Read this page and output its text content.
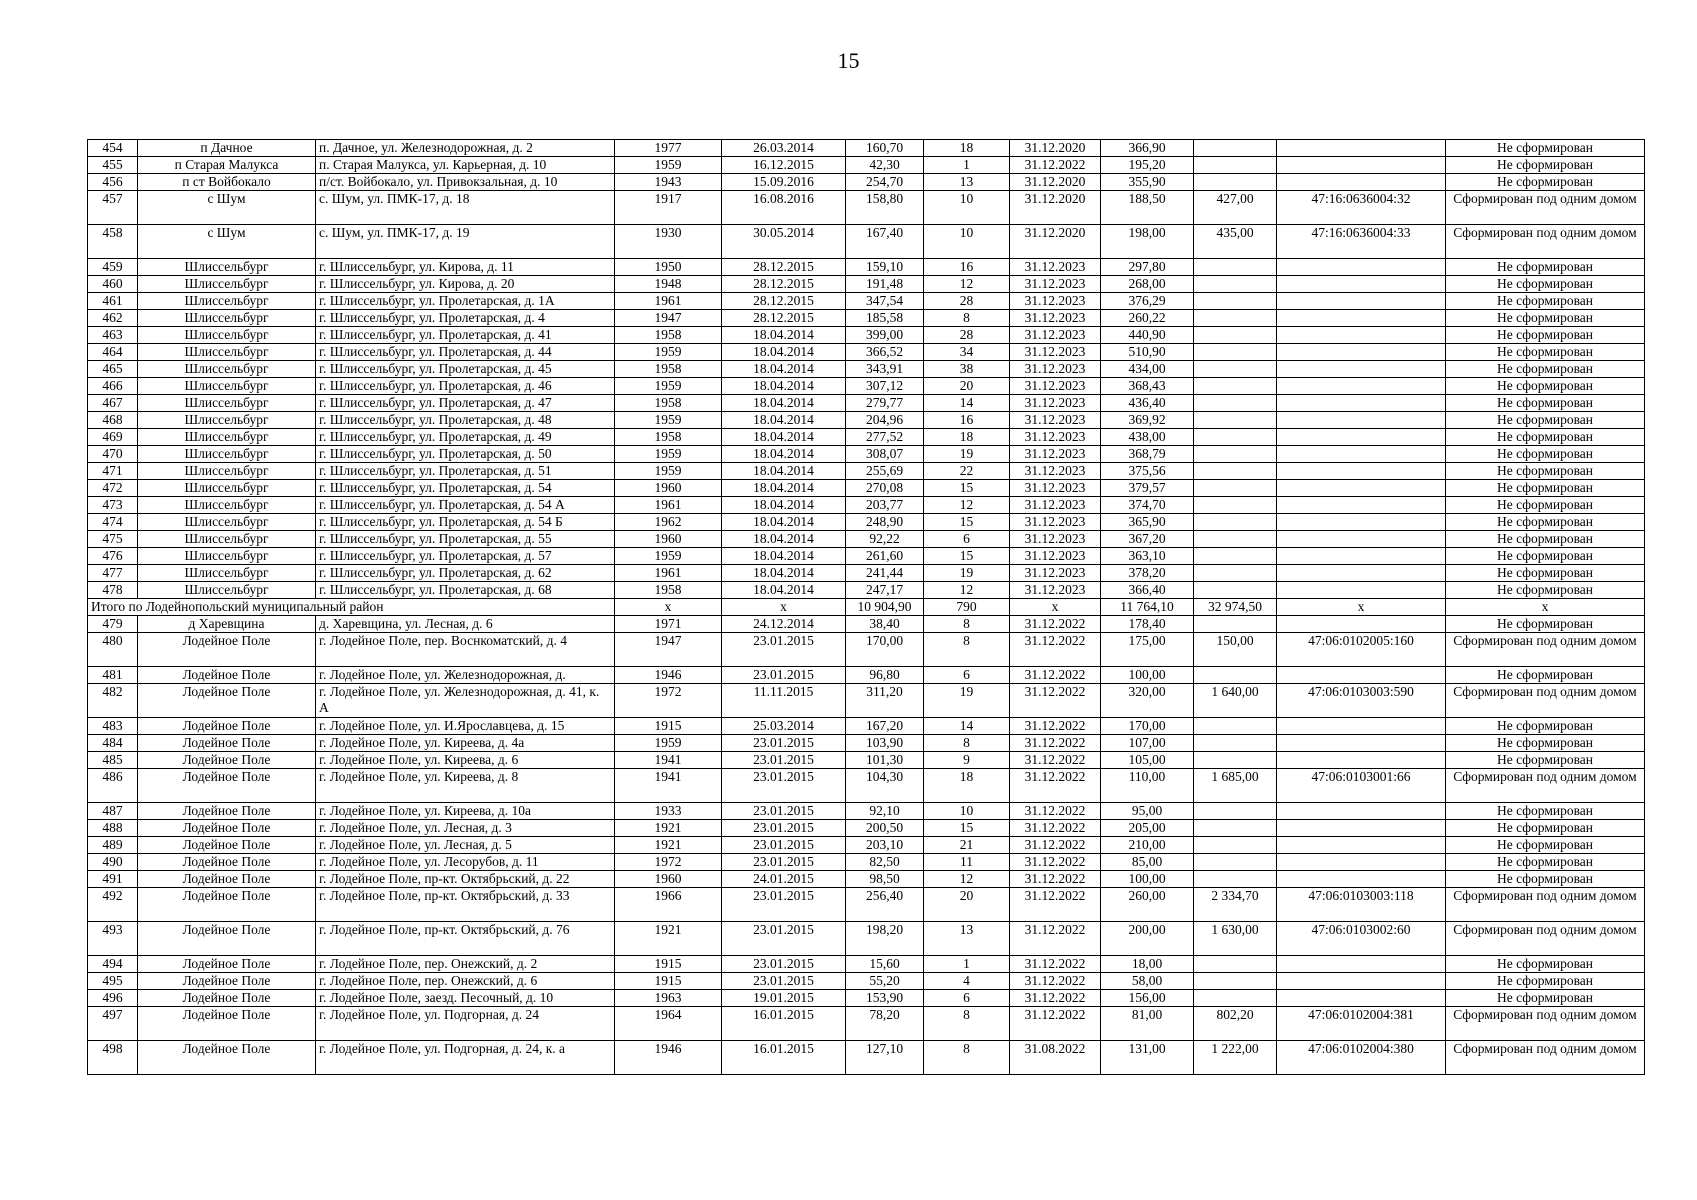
15
454	п Дачное	п. Дачное, ул. Железнодорожная, д. 2	1977	26.03.2014	160,70	18	31.12.2020	366,90			Не сформирован
455	п Старая Малукса	п. Старая Малукса, ул. Карьерная, д. 10	1959	16.12.2015	42,30	1	31.12.2022	195,20			Не сформирован
456	п ст Войбокало	п/ст. Войбокало, ул. Привокзальная, д. 10	1943	15.09.2016	254,70	13	31.12.2020	355,90			Не сформирован
457	с Шум	с. Шум, ул. ПМК-17, д. 18	1917	16.08.2016	158,80	10	31.12.2020	188,50	427,00	47:16:0636004:32	Сформирован под одним домом
458	с Шум	с. Шум, ул. ПМК-17, д. 19	1930	30.05.2014	167,40	10	31.12.2020	198,00	435,00	47:16:0636004:33	Сформирован под одним домом
459	Шлиссельбург	г. Шлиссельбург, ул. Кирова, д. 11	1950	28.12.2015	159,10	16	31.12.2023	297,80			Не сформирован
460	Шлиссельбург	г. Шлиссельбург, ул. Кирова, д. 20	1948	28.12.2015	191,48	12	31.12.2023	268,00			Не сформирован
461	Шлиссельбург	г. Шлиссельбург, ул. Пролетарская, д. 1А	1961	28.12.2015	347,54	28	31.12.2023	376,29			Не сформирован
462	Шлиссельбург	г. Шлиссельбург, ул. Пролетарская, д. 4	1947	28.12.2015	185,58	8	31.12.2023	260,22			Не сформирован
463	Шлиссельбург	г. Шлиссельбург, ул. Пролетарская, д. 41	1958	18.04.2014	399,00	28	31.12.2023	440,90			Не сформирован
464	Шлиссельбург	г. Шлиссельбург, ул. Пролетарская, д. 44	1959	18.04.2014	366,52	34	31.12.2023	510,90			Не сформирован
465	Шлиссельбург	г. Шлиссельбург, ул. Пролетарская, д. 45	1958	18.04.2014	343,91	38	31.12.2023	434,00			Не сформирован
466	Шлиссельбург	г. Шлиссельбург, ул. Пролетарская, д. 46	1959	18.04.2014	307,12	20	31.12.2023	368,43			Не сформирован
467	Шлиссельбург	г. Шлиссельбург, ул. Пролетарская, д. 47	1958	18.04.2014	279,77	14	31.12.2023	436,40			Не сформирован
468	Шлиссельбург	г. Шлиссельбург, ул. Пролетарская, д. 48	1959	18.04.2014	204,96	16	31.12.2023	369,92			Не сформирован
469	Шлиссельбург	г. Шлиссельбург, ул. Пролетарская, д. 49	1958	18.04.2014	277,52	18	31.12.2023	438,00			Не сформирован
470	Шлиссельбург	г. Шлиссельбург, ул. Пролетарская, д. 50	1959	18.04.2014	308,07	19	31.12.2023	368,79			Не сформирован
471	Шлиссельбург	г. Шлиссельбург, ул. Пролетарская, д. 51	1959	18.04.2014	255,69	22	31.12.2023	375,56			Не сформирован
472	Шлиссельбург	г. Шлиссельбург, ул. Пролетарская, д. 54	1960	18.04.2014	270,08	15	31.12.2023	379,57			Не сформирован
473	Шлиссельбург	г. Шлиссельбург, ул. Пролетарская, д. 54 А	1961	18.04.2014	203,77	12	31.12.2023	374,70			Не сформирован
474	Шлиссельбург	г. Шлиссельбург, ул. Пролетарская, д. 54 Б	1962	18.04.2014	248,90	15	31.12.2023	365,90			Не сформирован
475	Шлиссельбург	г. Шлиссельбург, ул. Пролетарская, д. 55	1960	18.04.2014	92,22	6	31.12.2023	367,20			Не сформирован
476	Шлиссельбург	г. Шлиссельбург, ул. Пролетарская, д. 57	1959	18.04.2014	261,60	15	31.12.2023	363,10			Не сформирован
477	Шлиссельбург	г. Шлиссельбург, ул. Пролетарская, д. 62	1961	18.04.2014	241,44	19	31.12.2023	378,20			Не сформирован
478	Шлиссельбург	г. Шлиссельбург, ул. Пролетарская, д. 68	1958	18.04.2014	247,17	12	31.12.2023	366,40			Не сформирован
Итого по Лодейнопольский муниципальный район			x	x	10 904,90	790	x	11 764,10	32 974,50	x	x
479	д Харевщина	д. Харевщина, ул. Лесная, д. 6	1971	24.12.2014	38,40	8	31.12.2022	178,40			Не сформирован
480	Лодейное Поле	г. Лодейное Поле, пер. Воснкоматский, д. 4	1947	23.01.2015	170,00	8	31.12.2022	175,00	150,00	47:06:0102005:160	Сформирован под одним домом
481	Лодейное Поле	г. Лодейное Поле, ул. Железнодорожная, д.	1946	23.01.2015	96,80	6	31.12.2022	100,00			Не сформирован
482	Лодейное Поле	г. Лодейное Поле, ул. Железнодорожная, д. 41, к. А	1972	11.11.2015	311,20	19	31.12.2022	320,00	1 640,00	47:06:0103003:590	Сформирован под одним домом
483	Лодейное Поле	г. Лодейное Поле, ул. И.Ярославцева, д. 15	1915	25.03.2014	167,20	14	31.12.2022	170,00			Не сформирован
484	Лодейное Поле	г. Лодейное Поле, ул. Киреева, д. 4а	1959	23.01.2015	103,90	8	31.12.2022	107,00			Не сформирован
485	Лодейное Поле	г. Лодейное Поле, ул. Киреева, д. 6	1941	23.01.2015	101,30	9	31.12.2022	105,00			Не сформирован
486	Лодейное Поле	г. Лодейное Поле, ул. Киреева, д. 8	1941	23.01.2015	104,30	18	31.12.2022	110,00	1 685,00	47:06:0103001:66	Сформирован под одним домом
487	Лодейное Поле	г. Лодейное Поле, ул. Киреева, д. 10а	1933	23.01.2015	92,10	10	31.12.2022	95,00			Не сформирован
488	Лодейное Поле	г. Лодейное Поле, ул. Лесная, д. 3	1921	23.01.2015	200,50	15	31.12.2022	205,00			Не сформирован
489	Лодейное Поле	г. Лодейное Поле, ул. Лесная, д. 5	1921	23.01.2015	203,10	21	31.12.2022	210,00			Не сформирован
490	Лодейное Поле	г. Лодейное Поле, ул. Лесорубов, д. 11	1972	23.01.2015	82,50	11	31.12.2022	85,00			Не сформирован
491	Лодейное Поле	г. Лодейное Поле, пр-кт. Октябрьский, д. 22	1960	24.01.2015	98,50	12	31.12.2022	100,00			Не сформирован
492	Лодейное Поле	г. Лодейное Поле, пр-кт. Октябрьский, д. 33	1966	23.01.2015	256,40	20	31.12.2022	260,00	2 334,70	47:06:0103003:118	Сформирован под одним домом
493	Лодейное Поле	г. Лодейное Поле, пр-кт. Октябрьский, д. 76	1921	23.01.2015	198,20	13	31.12.2022	200,00	1 630,00	47:06:0103002:60	Сформирован под одним домом
494	Лодейное Поле	г. Лодейное Поле, пер. Онежский, д. 2	1915	23.01.2015	15,60	1	31.12.2022	18,00			Не сформирован
495	Лодейное Поле	г. Лодейное Поле, пер. Онежский, д. 6	1915	23.01.2015	55,20	4	31.12.2022	58,00			Не сформирован
496	Лодейное Поле	г. Лодейное Поле, заезд. Песочный, д. 10	1963	19.01.2015	153,90	6	31.12.2022	156,00			Не сформирован
497	Лодейное Поле	г. Лодейное Поле, ул. Подгорная, д. 24	1964	16.01.2015	78,20	8	31.12.2022	81,00	802,20	47:06:0102004:381	Сформирован под одним домом
498	Лодейное Поле	г. Лодейное Поле, ул. Подгорная, д. 24, к. а	1946	16.01.2015	127,10	8	31.08.2022	131,00	1 222,00	47:06:0102004:380	Сформирован под одним домом
